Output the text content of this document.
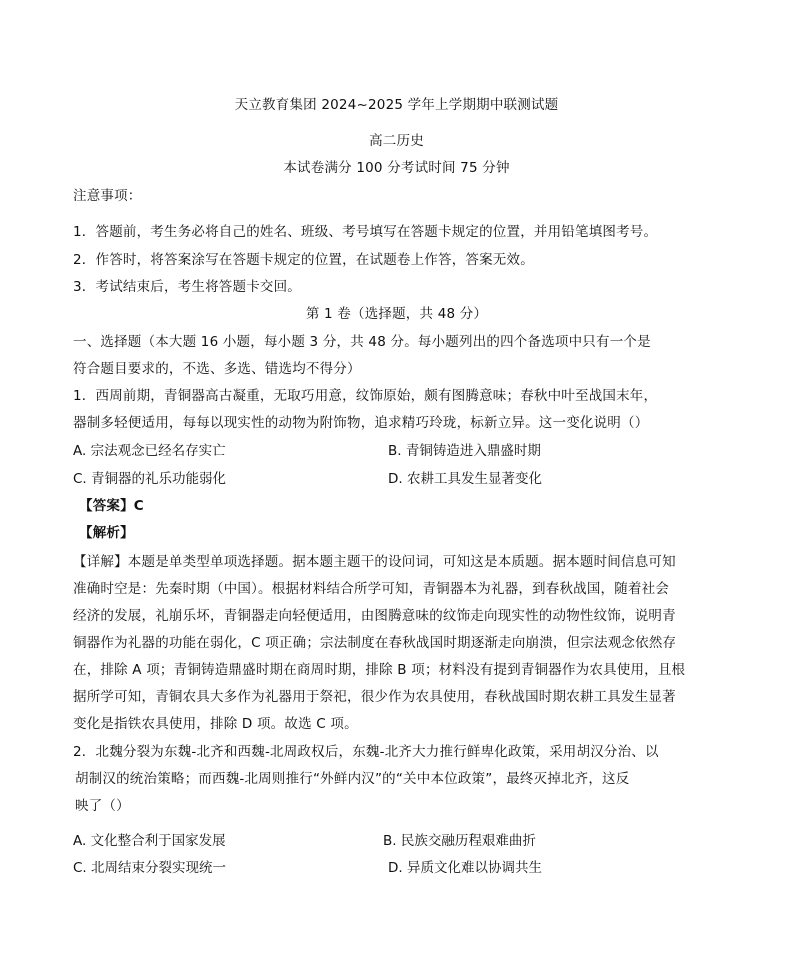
天立教育集团 2024~2025 学年上学期期中联测试题
高二历史
本试卷满分 100 分考试时间 75 分钟
注意事项：
1．答题前，考生务必将自己的姓名、班级、考号填写在答题卡规定的位置，并用铅笔填图考号。
2．作答时，将答案涂写在答题卡规定的位置，在试题卷上作答，答案无效。
3．考试结束后，考生将答题卡交回。
第 1 卷（选择题，共 48 分）
一、选择题（本大题 16 小题，每小题 3 分，共 48 分。每小题列出的四个备选项中只有一个是
符合题目要求的，不选、多选、错选均不得分）
1．西周前期，青铜器高古凝重，无取巧用意，纹饰原始，颇有图腾意味；春秋中叶至战国末年，
器制多轻便适用，每每以现实性的动物为附饰物，追求精巧玲珑，标新立异。这一变化说明（）
A. 宗法观念已经名存实亡	B. 青铜铸造进入鼎盛时期
C. 青铜器的礼乐功能弱化	D. 农耕工具发生显著变化
【答案】C
【解析】
【详解】本题是单类型单项选择题。据本题主题干的设问词，可知这是本质题。据本题时间信息可知
准确时空是：先秦时期（中国）。根据材料结合所学可知，青铜器本为礼器，到春秋战国，随着社会
经济的发展，礼崩乐坏，青铜器走向轻便适用，由图腾意味的纹饰走向现实性的动物性纹饰，说明青
铜器作为礼器的功能在弱化，C 项正确；宗法制度在春秋战国时期逐渐走向崩溃，但宗法观念依然存
在，排除 A 项；青铜铸造鼎盛时期在商周时期，排除 B 项；材料没有提到青铜器作为农具使用，且根
据所学可知，青铜农具大多作为礼器用于祭祀，很少作为农具使用，春秋战国时期农耕工具发生显著
变化是指铁农具使用，排除 D 项。故选 C 项。
2．北魏分裂为东魏-北齐和西魏-北周政权后，东魏-北齐大力推行鲜卑化政策，采用胡汉分治、以
胡制汉的统治策略；而西魏-北周则推行“外鲜内汉”的“关中本位政策”，最终灭掉北齐，这反
映了（）
A. 文化整合利于国家发展	B. 民族交融历程艰难曲折
C. 北周结束分裂实现统一	D. 异质文化难以协调共生
